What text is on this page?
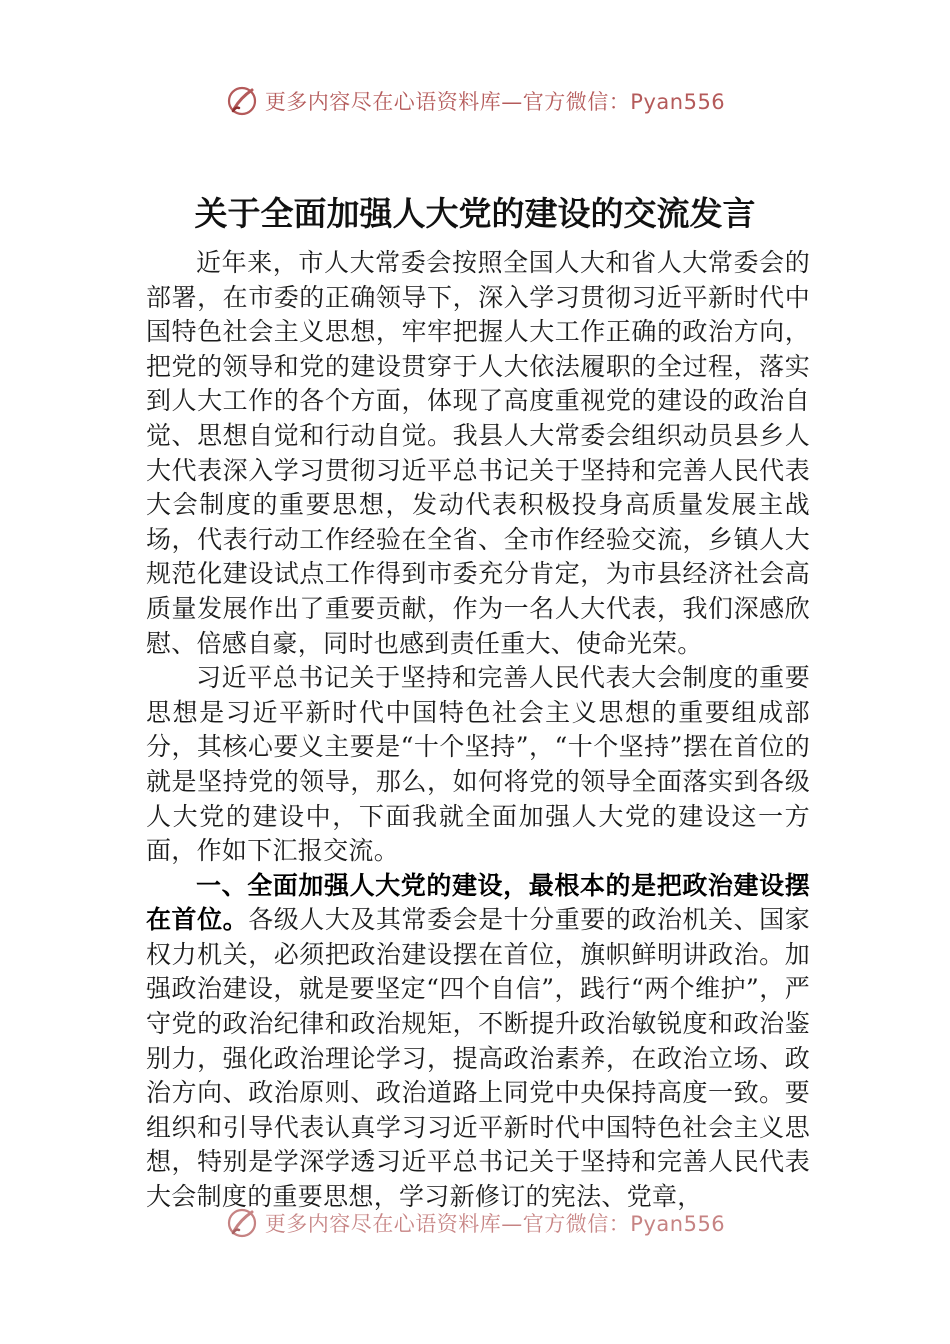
更多内容尽在心语资料库—官方微信：Pyan556
关于全面加强人大党的建设的交流发言

近年来，市人大常委会按照全国人大和省人大常委会的部署，在市委的正确领导下，深入学习贯彻习近平新时代中国特色社会主义思想，牢牢把握人大工作正确的政治方向，把党的领导和党的建设贯穿于人大依法履职的全过程，落实到人大工作的各个方面，体现了高度重视党的建设的政治自觉、思想自觉和行动自觉。我县人大常委会组织动员县乡人大代表深入学习贯彻习近平总书记关于坚持和完善人民代表大会制度的重要思想，发动代表积极投身高质量发展主战场，代表行动工作经验在全省、全市作经验交流，乡镇人大规范化建设试点工作得到市委充分肯定，为市县经济社会高质量发展作出了重要贡献，作为一名人大代表，我们深感欣慰、倍感自豪，同时也感到责任重大、使命光荣。

习近平总书记关于坚持和完善人民代表大会制度的重要思想是习近平新时代中国特色社会主义思想的重要组成部分，其核心要义主要是“十个坚持”，“十个坚持”摆在首位的就是坚持党的领导，那么，如何将党的领导全面落实到各级人大党的建设中，下面我就全面加强人大党的建设这一方面，作如下汇报交流。

一、全面加强人大党的建设，最根本的是把政治建设摆在首位。各级人大及其常委会是十分重要的政治机关、国家权力机关，必须把政治建设摆在首位，旗帜鲜明讲政治。加强政治建设，就是要坚定“四个自信”，践行“两个维护”，严守党的政治纪律和政治规矩，不断提升政治敏锐度和政治鉴别力，强化政治理论学习，提高政治素养，在政治立场、政治方向、政治原则、政治道路上同党中央保持高度一致。要组织和引导代表认真学习习近平新时代中国特色社会主义思想，特别是学深学透习近平总书记关于坚持和完善人民代表大会制度的重要思想，学习新修订的宪法、党章，

更多内容尽在心语资料库—官方微信：Pyan556
